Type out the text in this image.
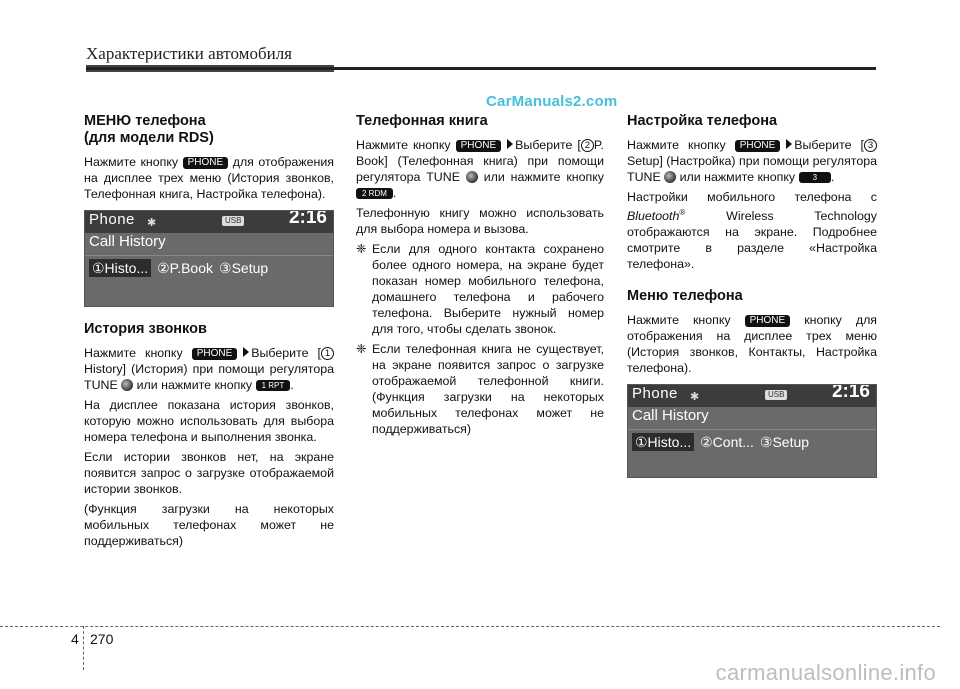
Характеристики автомобиля
CarManuals2.com
МЕНЮ телефона
(для модели RDS)

Нажмите кнопку PHONE для отображения на дисплее трех меню (История звонков, Телефонная книга, Настройка телефона).

Phone ✱	USB	2:16
Call History
①Histo... ②P.Book ③Setup
История звонков

Нажмите кнопку PHONE Выберите [ 1History] (История) при помощи регулятора TUNE или нажмите кнопку 1 RPT .

На дисплее показана история звонков, которую можно использовать для выбора номера телефона и выполнения звонка.

Если истории звонков нет, на экране появится запрос о загрузке отображаемой истории звонков.

(Функция загрузки на некоторых мобильных телефонах может не поддерживаться)

Телефонная книга

Нажмите кнопку PHONE Выберите [ 2 P. Book] (Телефонная книга) при помощи регулятора TUNE или нажмите кнопку 2 RDM .

Телефонную книгу можно использовать для выбора номера и вызова.

❈ Если для одного контакта сохранено более одного номера, на экране будет показан номер мобильного телефона, домашнего телефона и рабочего телефона. Выберите нужный номер для того, чтобы сделать звонок.
❈ Если телефонная книга не существует, на экране появится запрос о загрузке отображаемой телефонной книги. (Функция загрузки на некоторых мобильных телефонах может не поддерживаться)
Настройка телефона

Нажмите кнопку PHONE Выберите [ 3Setup] (Настройка) при помощи регулятора TUNE или нажмите кнопку 3 .

Настройки мобильного телефона с Bluetooth® Wireless Technology отображаются на экране. Подробнее смотрите в разделе «Настройка телефона».

Меню телефона

Нажмите кнопку PHONE кнопку для отображения на дисплее трех меню (История звонков, Контакты, Настройка телефона).

Phone ✱	USB	2:16
Call History
①Histo... ②Cont... ③Setup
4 270
carmanualsonline.info
